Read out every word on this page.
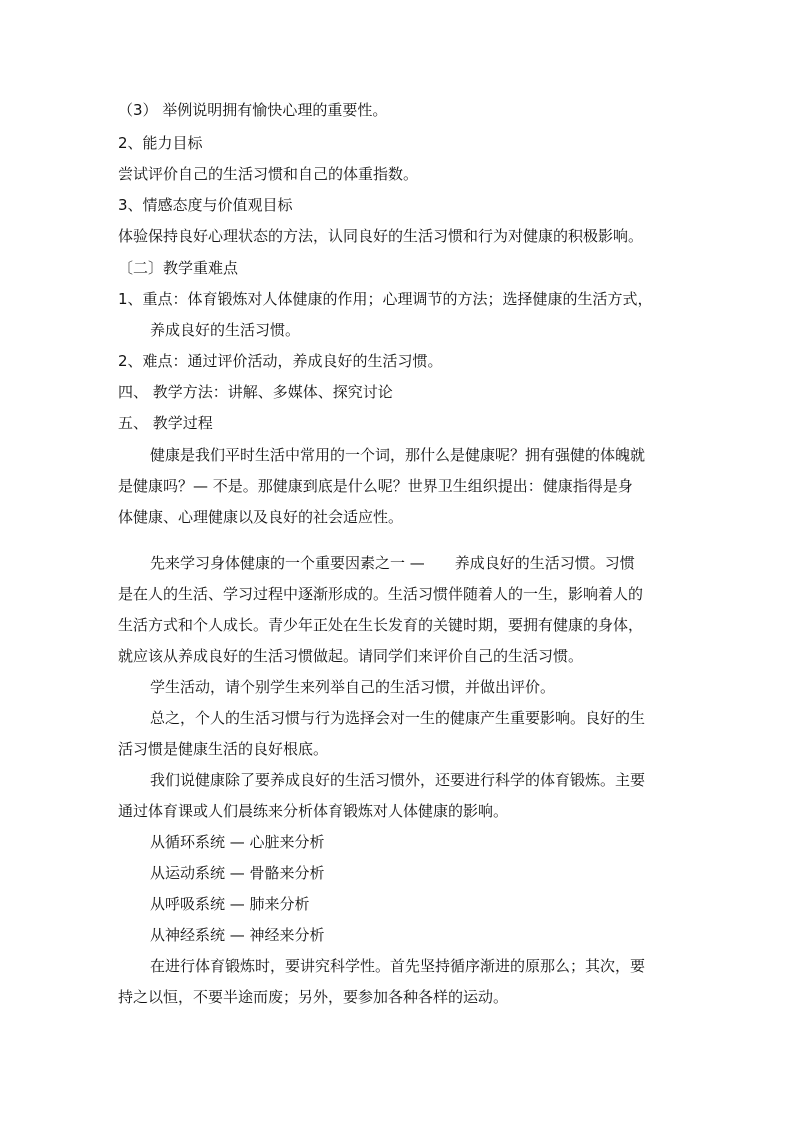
（3） 举例说明拥有愉快心理的重要性。
2、能力目标
尝试评价自己的生活习惯和自己的体重指数。
3、情感态度与价值观目标
体验保持良好心理状态的方法，认同良好的生活习惯和行为对健康的积极影响。
〔二〕教学重难点
1、重点：体育锻炼对人体健康的作用；心理调节的方法；选择健康的生活方式，
养成良好的生活习惯。
2、难点：通过评价活动，养成良好的生活习惯。
四、 教学方法：讲解、多媒体、探究讨论
五、 教学过程
健康是我们平时生活中常用的一个词，那什么是健康呢？拥有强健的体魄就
是健康吗？— 不是。那健康到底是什么呢？世界卫生组织提出：健康指得是身
体健康、心理健康以及良好的社会适应性。
先来学习身体健康的一个重要因素之一 — 养成良好的生活习惯。习惯
是在人的生活、学习过程中逐渐形成的。生活习惯伴随着人的一生，影响着人的
生活方式和个人成长。青少年正处在生长发育的关键时期，要拥有健康的身体，
就应该从养成良好的生活习惯做起。请同学们来评价自己的生活习惯。
学生活动，请个别学生来列举自己的生活习惯，并做出评价。
总之，个人的生活习惯与行为选择会对一生的健康产生重要影响。良好的生
活习惯是健康生活的良好根底。
我们说健康除了要养成良好的生活习惯外，还要进行科学的体育锻炼。主要
通过体育课或人们晨练来分析体育锻炼对人体健康的影响。
从循环系统 — 心脏来分析
从运动系统 — 骨骼来分析
从呼吸系统 — 肺来分析
从神经系统 — 神经来分析
在进行体育锻炼时，要讲究科学性。首先坚持循序渐进的原那么；其次，要
持之以恒，不要半途而废；另外，要参加各种各样的运动。
